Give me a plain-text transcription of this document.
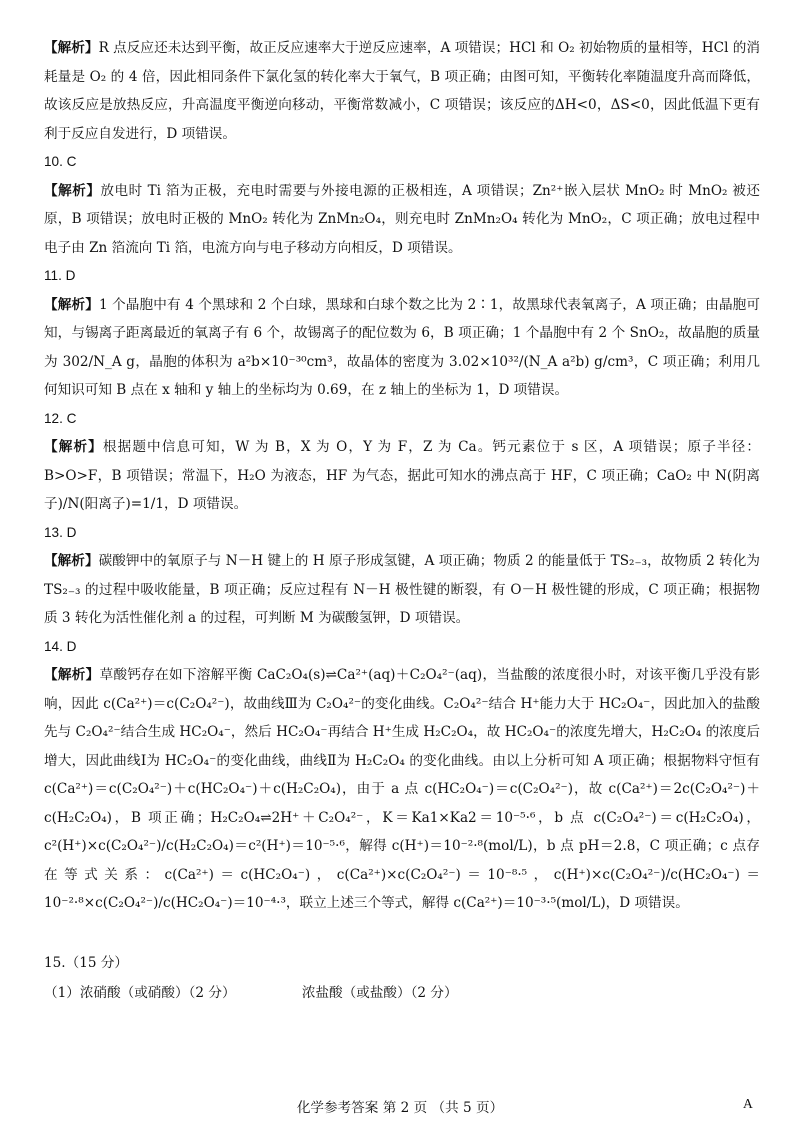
【解析】R 点反应还未达到平衡，故正反应速率大于逆反应速率，A 项错误；HCl 和 O₂ 初始物质的量相等，HCl 的消耗量是 O₂ 的 4 倍，因此相同条件下氯化氢的转化率大于氧气，B 项正确；由图可知，平衡转化率随温度升高而降低，故该反应是放热反应，升高温度平衡逆向移动，平衡常数减小，C 项错误；该反应的ΔH<0，ΔS<0，因此低温下更有利于反应自发进行，D 项错误。
10. C
【解析】放电时 Ti 箔为正极，充电时需要与外接电源的正极相连，A 项错误；Zn²⁺嵌入层状 MnO₂ 时 MnO₂ 被还原，B 项错误；放电时正极的 MnO₂ 转化为 ZnMn₂O₄，则充电时 ZnMn₂O₄ 转化为 MnO₂，C 项正确；放电过程中电子由 Zn 箔流向 Ti 箔，电流方向与电子移动方向相反，D 项错误。
11. D
【解析】1 个晶胞中有 4 个黑球和 2 个白球，黑球和白球个数之比为 2∶1，故黑球代表氧离子，A 项正确；由晶胞可知，与锡离子距离最近的氧离子有 6 个，故锡离子的配位数为 6，B 项正确；1 个晶胞中有 2 个 SnO₂，故晶胞的质量为 302/N_A g，晶胞的体积为 a²b×10⁻³⁰cm³，故晶体的密度为 3.02×10³²/(N_A a²b) g/cm³，C 项正确；利用几何知识可知 B 点在 x 轴和 y 轴上的坐标均为 0.69，在 z 轴上的坐标为 1，D 项错误。
12. C
【解析】根据题中信息可知，W 为 B，X 为 O，Y 为 F，Z 为 Ca。钙元素位于 s 区，A 项错误；原子半径：B>O>F，B 项错误；常温下，H₂O 为液态，HF 为气态，据此可知水的沸点高于 HF，C 项正确；CaO₂ 中 N(阴离子)/N(阳离子)=1/1，D 项错误。
13. D
【解析】碳酸钾中的氧原子与 N－H 键上的 H 原子形成氢键，A 项正确；物质 2 的能量低于 TS₂₋₃，故物质 2 转化为 TS₂₋₃ 的过程中吸收能量，B 项正确；反应过程有 N－H 极性键的断裂，有 O－H 极性键的形成，C 项正确；根据物质 3 转化为活性催化剂 a 的过程，可判断 M 为碳酸氢钾，D 项错误。
14. D
【解析】草酸钙存在如下溶解平衡 CaC₂O₄(s)⇌Ca²⁺(aq)＋C₂O₄²⁻(aq)，当盐酸的浓度很小时，对该平衡几乎没有影响，因此 c(Ca²⁺)＝c(C₂O₄²⁻)，故曲线Ⅲ为 C₂O₄²⁻的变化曲线。C₂O₄²⁻结合 H⁺能力大于 HC₂O₄⁻，因此加入的盐酸先与 C₂O₄²⁻结合生成 HC₂O₄⁻，然后 HC₂O₄⁻再结合 H⁺生成 H₂C₂O₄，故 HC₂O₄⁻的浓度先增大，H₂C₂O₄ 的浓度后增大，因此曲线Ⅰ为 HC₂O₄⁻的变化曲线，曲线Ⅱ为 H₂C₂O₄ 的变化曲线。由以上分析可知 A 项正确；根据物料守恒有 c(Ca²⁺)＝c(C₂O₄²⁻)＋c(HC₂O₄⁻)＋c(H₂C₂O₄)，由于 a 点 c(HC₂O₄⁻)＝c(C₂O₄²⁻)，故 c(Ca²⁺)＝2c(C₂O₄²⁻)＋c(H₂C₂O₄)，B 项正确；H₂C₂O₄⇌2H⁺＋C₂O₄²⁻，K＝Ka1×Ka2＝10⁻⁵·⁶，b 点 c(C₂O₄²⁻)＝c(H₂C₂O₄)，c²(H⁺)×c(C₂O₄²⁻)/c(H₂C₂O₄)＝c²(H⁺)＝10⁻⁵·⁶，解得 c(H⁺)＝10⁻²·⁸(mol/L)，b 点 pH＝2.8，C 项正确；c 点存在等式关系：c(Ca²⁺)＝c(HC₂O₄⁻)，c(Ca²⁺)×c(C₂O₄²⁻)＝10⁻⁸·⁵，c(H⁺)×c(C₂O₄²⁻)/c(HC₂O₄⁻)＝10⁻²·⁸×c(C₂O₄²⁻)/c(HC₂O₄⁻)＝10⁻⁴·³，联立上述三个等式，解得 c(Ca²⁺)＝10⁻³·⁵(mol/L)，D 项错误。
15.（15 分）
（1）浓硝酸（或硝酸）（2 分）	浓盐酸（或盐酸）（2 分）
化学参考答案 第 2 页 （共 5 页）	A
